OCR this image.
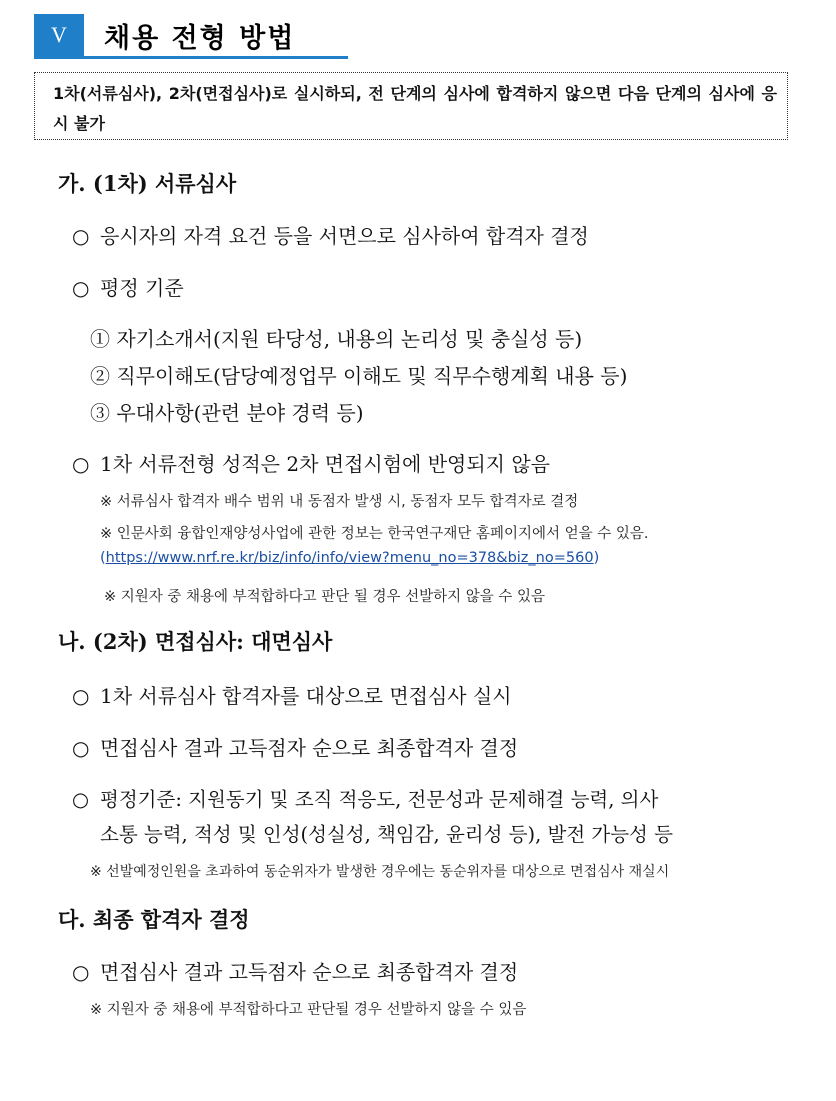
V	채용 전형 방법
1차(서류심사), 2차(면접심사)로 실시하되, 전 단계의 심사에 합격하지 않으면 다음 단계의 심사에 응시 불가
가. (1차) 서류심사
○ 응시자의 자격 요건 등을 서면으로 심사하여 합격자 결정
○ 평정 기준
① 자기소개서(지원 타당성, 내용의 논리성 및 충실성 등)
② 직무이해도(담당예정업무 이해도 및 직무수행계획 내용 등)
③ 우대사항(관련 분야 경력 등)
○ 1차 서류전형 성적은 2차 면접시험에 반영되지 않음
※ 서류심사 합격자 배수 범위 내 동점자 발생 시, 동점자 모두 합격자로 결정
※ 인문사회 융합인재양성사업에 관한 정보는 한국연구재단 홈페이지에서 얻을 수 있음.
(https://www.nrf.re.kr/biz/info/info/view?menu_no=378&biz_no=560)
※ 지원자 중 채용에 부적합하다고 판단 될 경우 선발하지 않을 수 있음
나. (2차) 면접심사: 대면심사
○ 1차 서류심사 합격자를 대상으로 면접심사 실시
○ 면접심사 결과 고득점자 순으로 최종합격자 결정
○ 평정기준: 지원동기 및 조직 적응도, 전문성과 문제해결 능력, 의사
소통 능력, 적성 및 인성(성실성, 책임감, 윤리성 등), 발전 가능성 등
※ 선발예정인원을 초과하여 동순위자가 발생한 경우에는 동순위자를 대상으로 면접심사 재실시
다. 최종 합격자 결정
○ 면접심사 결과 고득점자 순으로 최종합격자 결정
※ 지원자 중 채용에 부적합하다고 판단될 경우 선발하지 않을 수 있음
